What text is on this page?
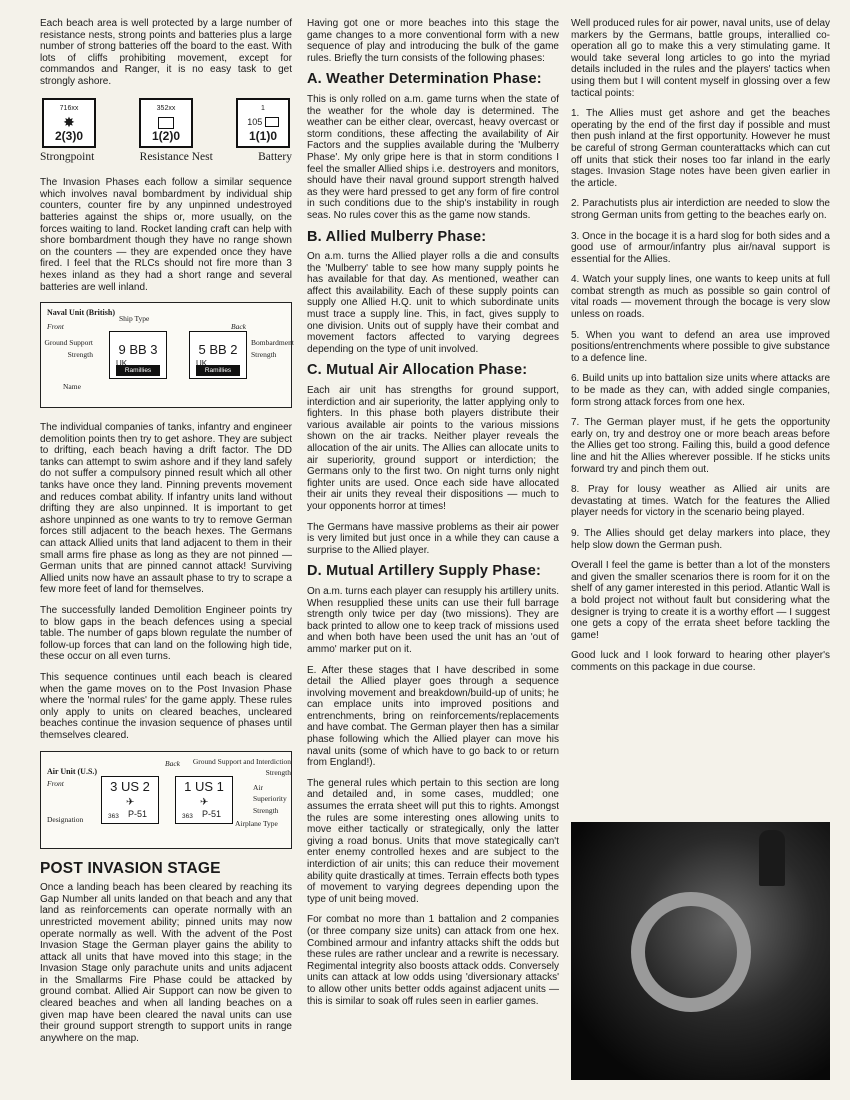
Each beach area is well protected by a large number of resistance nests, strong points and batteries plus a large number of strong batteries off the board to the east. With lots of cliffs prohibiting movement, except for commandos and Ranger, it is no easy task to get strongly ashore.

716xx
✸
2(3)0
352xx
1(2)0
1
105
1(1)0
Strongpoint	Resistance Nest	Battery

The Invasion Phases each follow a similar sequence which involves naval bombardment by individual ship counters, counter fire by any unpinned undestroyed batteries against the ships or, more usually, on the forces waiting to land. Rocket landing craft can help with shore bombardment though they have no range shown on the counters — they are expended once they have fired. I feel that the RLCs should not fire more than 3 hexes inland as they had a short range and several batteries are well inland.

Naval Unit (British)
Front
Ship Type
Back
Ground Support Strength
Bombardment Strength
Name
9 BB 3
Ramillies
5 BB 2
Ramillies

The individual companies of tanks, infantry and engineer demolition points then try to get ashore. They are subject to drifting, each beach having a drift factor. The DD tanks can attempt to swim ashore and if they land safely do not suffer a compulsory pinned result which all other tanks have once they land. Pinning prevents movement and reduces combat ability. If infantry units land without drifting they are also unpinned. It is important to get ashore unpinned as one wants to try to remove German forces still adjacent to the beach hexes. The Germans can attack Allied units that land adjacent to them in their small arms fire phase as long as they are not pinned — German units that are pinned cannot attack! Surviving Allied units now have an assault phase to try to scrape a few more feet of land for themselves.

The successfully landed Demolition Engineer points try to blow gaps in the beach defences using a special table. The number of gaps blown regulate the number of follow-up forces that can land on the following high tide, these occur on all even turns.

This sequence continues until each beach is cleared when the game moves on to the Post Invasion Phase where the 'normal rules' for the game apply. These rules only apply to units on cleared beaches, uncleared beaches continue the invasion sequence of phases until themselves cleared.

Air Unit (U.S.)
Front
Back Ground Support and Interdiction Strength
Air Superiority Strength
Designation	Airplane Type
3 US 2
✈
363 P-51
1 US 1
✈
363 P-51
POST INVASION STAGE

Once a landing beach has been cleared by reaching its Gap Number all units landed on that beach and any that land as reinforcements can operate normally with an unrestricted movement ability; pinned units may now operate normally as well. With the advent of the Post Invasion Stage the German player gains the ability to attack all units that have moved into this stage; in the Invasion Stage only parachute units and units adjacent in the Smallarms Fire Phase could be attacked by ground combat. Allied Air Support can now be given to cleared beaches and when all landing beaches on a given map have been cleared the naval units can use their ground support strength to support units in range anywhere on the map.

Having got one or more beaches into this stage the game changes to a more conventional form with a new sequence of play and introducing the bulk of the game rules. Briefly the turn consists of the following phases:

A. Weather Determination Phase:

This is only rolled on a.m. game turns when the state of the weather for the whole day is determined. The weather can be either clear, overcast, heavy overcast or storm conditions, these affecting the availability of Air Factors and the supplies available during the 'Mulberry Phase'. My only gripe here is that in storm conditions I feel the smaller Allied ships i.e. destroyers and monitors, should have their naval ground support strength halved as they were hard pressed to get any form of fire control in such conditions due to the ship's instability in rough seas. No rules cover this as the game now stands.

B. Allied Mulberry Phase:

On a.m. turns the Allied player rolls a die and consults the 'Mulberry' table to see how many supply points he has available for that day. As mentioned, weather can affect this availability. Each of these supply points can supply one Allied H.Q. unit to which subordinate units must trace a supply line. This, in fact, gives supply to one division. Units out of supply have their combat and movement factors affected to varying degrees depending on the type of unit involved.

C. Mutual Air Allocation Phase:

Each air unit has strengths for ground support, interdiction and air superiority, the latter applying only to fighters. In this phase both players distribute their various available air points to the various missions shown on the air tracks. Neither player reveals the allocation of the air units. The Allies can allocate units to air superiority, ground support or interdiction; the Germans only to the first two. On night turns only night fighter units are used. Once each side have allocated their air units they reveal their dispositions — much to your opponents horror at times!

The Germans have massive problems as their air power is very limited but just once in a while they can cause a surprise to the Allied player.

D. Mutual Artillery Supply Phase:

On a.m. turns each player can resupply his artillery units. When resupplied these units can use their full barrage strength only twice per day (two missions). They are back printed to allow one to keep track of missions used and when both have been used the unit has an 'out of ammo' marker put on it.

E. After these stages that I have described in some detail the Allied player goes through a sequence involving movement and breakdown/build-up of units; he can emplace units into improved positions and entrenchments, bring on reinforcements/replacements and have combat. The German player then has a similar phase following which the Allied player can move his naval units (some of which have to go back to or return from England!).

The general rules which pertain to this section are long and detailed and, in some cases, muddled; one assumes the errata sheet will put this to rights. Amongst the rules are some interesting ones allowing units to move either tactically or strategically, only the latter giving a road bonus. Units that move stategically can't enter enemy controlled hexes and are subject to the interdiction of air units; this can reduce their movement ability quite drastically at times. Terrain effects both types of movement to varying degrees depending upon the type of unit being moved.

For combat no more than 1 battalion and 2 companies (or three company size units) can attack from one hex. Combined armour and infantry attacks shift the odds but these rules are rather unclear and a rewrite is necessary. Regimental integrity also boosts attack odds. Conversely units can attack at low odds using 'diversionary attacks' to allow other units better odds against adjacent units — this is similar to soak off rules seen in earlier games.

Well produced rules for air power, naval units, use of delay markers by the Germans, battle groups, interallied co-operation all go to make this a very stimulating game. It would take several long articles to go into the myriad details included in the rules and the players' tactics when using them but I will content myself in glossing over a few tactical points:

1. The Allies must get ashore and get the beaches operating by the end of the first day if possible and must then push inland at the first opportunity. However he must be careful of strong German counterattacks which can cut off units that stick their noses too far inland in the early stages. Invasion Stage notes have been given earlier in the article.

2. Parachutists plus air interdiction are needed to slow the strong German units from getting to the beaches early on.

3. Once in the bocage it is a hard slog for both sides and a good use of armour/infantry plus air/naval support is essential for the Allies.

4. Watch your supply lines, one wants to keep units at full combat strength as much as possible so gain control of vital roads — movement through the bocage is very slow unless on roads.

5. When you want to defend an area use improved positions/entrenchments where possible to give substance to a defence line.

6. Build units up into battalion size units where attacks are to be made as they can, with added single companies, form strong attack forces from one hex.

7. The German player must, if he gets the opportunity early on, try and destroy one or more beach areas before the Allies get too strong. Failing this, build a good defence line and hit the Allies wherever possible. If he sticks units forward try and pinch them out.

8. Pray for lousy weather as Allied air units are devastating at times. Watch for the features the Allied player needs for victory in the scenario being played.

9. The Allies should get delay markers into place, they help slow down the German push.

Overall I feel the game is better than a lot of the monsters and given the smaller scenarios there is room for it on the shelf of any gamer interested in this period. Atlantic Wall is a bold project not without fault but considering what the designer is trying to create it is a worthy effort — I suggest one gets a copy of the errata sheet before tackling the game!

Good luck and I look forward to hearing other player's comments on this package in due course.
